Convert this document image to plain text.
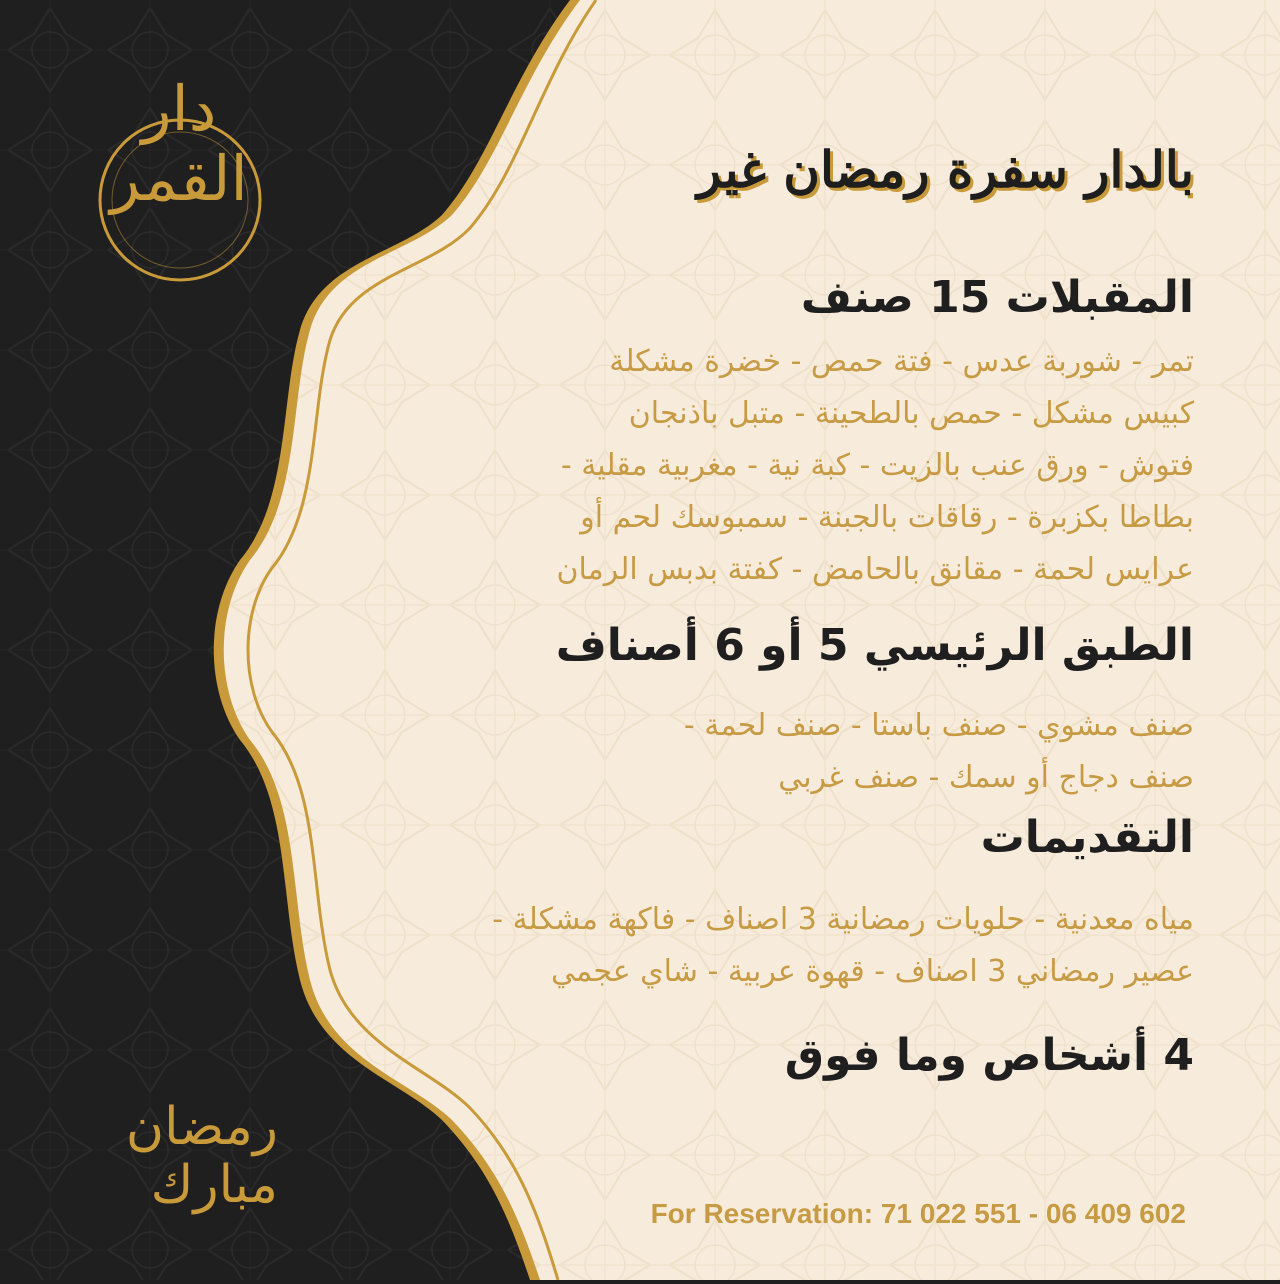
دار القمر
رمضان
مبارك
بالدار سفرة رمضان غير
المقبلات 15 صنف
تمر - شوربة عدس - فتة حمص - خضرة مشكلة
كبيس مشكل - حمص بالطحينة - متبل باذنجان
فتوش - ورق عنب بالزيت - كبة نية - مغربية مقلية -
بطاطا بكزبرة - رقاقات بالجبنة - سمبوسك لحم أو
عرايس لحمة - مقانق بالحامض - كفتة بدبس الرمان
الطبق الرئيسي 5 أو 6 أصناف
صنف مشوي - صنف باستا - صنف لحمة -
صنف دجاج أو سمك - صنف غربي
التقديمات
مياه معدنية - حلويات رمضانية 3 اصناف - فاكهة مشكلة -
عصير رمضاني 3 اصناف - قهوة عربية - شاي عجمي
4 أشخاص وما فوق
For Reservation: 71 022 551 - 06 409 602
